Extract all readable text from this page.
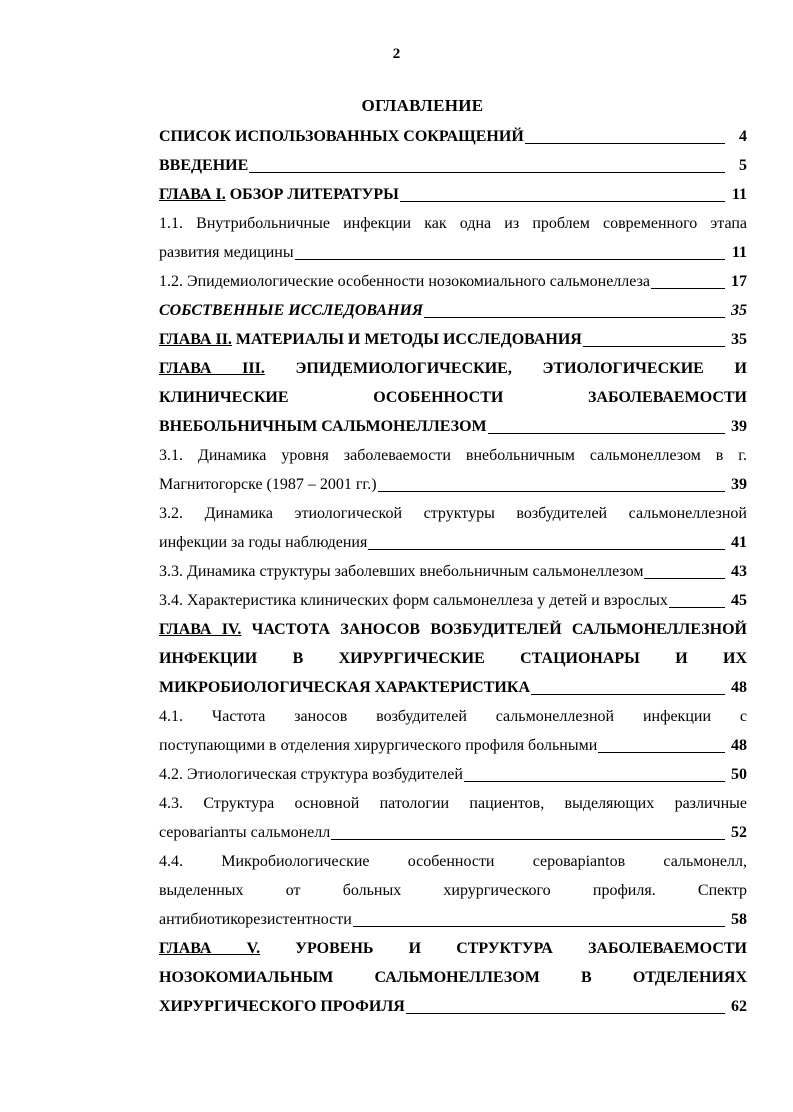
2
ОГЛАВЛЕНИЕ
СПИСОК ИСПОЛЬЗОВАННЫХ СОКРАЩЕНИЙ	4
ВВЕДЕНИЕ	5
ГЛАВА I. ОБЗОР ЛИТЕРАТУРЫ	11
1.1. Внутрибольничные инфекции как одна из проблем современного этапа
развития медицины	11
1.2. Эпидемиологические особенности нозокомиального сальмонеллеза	17
СОБСТВЕННЫЕ ИССЛЕДОВАНИЯ	35
ГЛАВА II. МАТЕРИАЛЫ И МЕТОДЫ ИССЛЕДОВАНИЯ	35
ГЛАВА III. ЭПИДЕМИОЛОГИЧЕСКИЕ, ЭТИОЛОГИЧЕСКИЕ И
КЛИНИЧЕСКИЕ ОСОБЕННОСТИ ЗАБОЛЕВАЕМОСТИ
ВНЕБОЛЬНИЧНЫМ САЛЬМОНЕЛЛЕЗОМ	39
3.1. Динамика уровня заболеваемости внебольничным сальмонеллезом в г.
Магнитогорске (1987 – 2001 гг.)	39
3.2. Динамика этиологической структуры возбудителей сальмонеллезной
инфекции за годы наблюдения	41
3.3. Динамика структуры заболевших внебольничным сальмонеллезом	43
3.4. Характеристика клинических форм сальмонеллеза у детей и взрослых	45
ГЛАВА IV. ЧАСТОТА ЗАНОСОВ ВОЗБУДИТЕЛЕЙ САЛЬМОНЕЛЛЕЗНОЙ
ИНФЕКЦИИ В ХИРУРГИЧЕСКИЕ СТАЦИОНАРЫ И ИХ
МИКРОБИОЛОГИЧЕСКАЯ ХАРАКТЕРИСТИКА	48
4.1. Частота заносов возбудителей сальмонеллезной инфекции с
поступающими в отделения хирургического профиля больными	48
4.2. Этиологическая структура возбудителей	50
4.3. Структура основной патологии пациентов, выделяющих различные
серовarianты сальмонелл	52
4.4. Микробиологические особенности сероварiantов сальмонелл,
выделенных от больных хирургического профиля. Спектр
антибиотикорезистентности	58
ГЛАВА V. УРОВЕНЬ И СТРУКТУРА ЗАБОЛЕВАЕМОСТИ
НОЗОКОМИАЛЬНЫМ САЛЬМОНЕЛЛЕЗОМ В ОТДЕЛЕНИЯХ
ХИРУРГИЧЕСКОГО ПРОФИЛЯ	62
